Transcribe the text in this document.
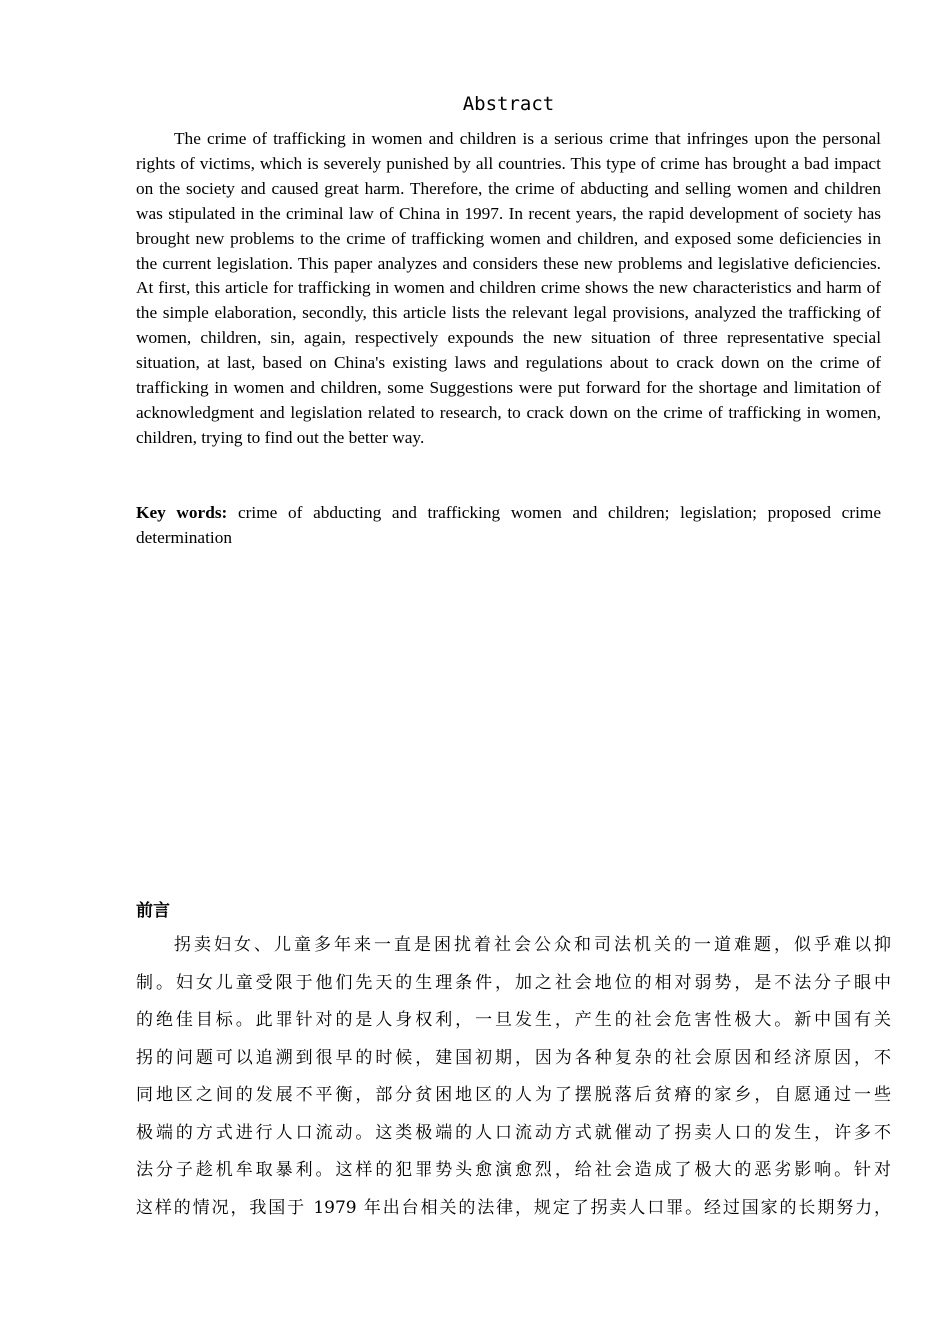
Abstract

The crime of trafficking in women and children is a serious crime that infringes upon the personal rights of victims, which is severely punished by all countries. This type of crime has brought a bad impact on the society and caused great harm. Therefore, the crime of abducting and selling women and children was stipulated in the criminal law of China in 1997. In recent years, the rapid development of society has brought new problems to the crime of trafficking women and children, and exposed some deficiencies in the current legislation. This paper analyzes and considers these new problems and legislative deficiencies. At first, this article for trafficking in women and children crime shows the new characteristics and harm of the simple elaboration, secondly, this article lists the relevant legal provisions, analyzed the trafficking of women, children, sin, again, respectively expounds the new situation of three representative special situation, at last, based on China's existing laws and regulations about to crack down on the crime of trafficking in women and children, some Suggestions were put forward for the shortage and limitation of acknowledgment and legislation related to research, to crack down on the crime of trafficking in women, children, trying to find out the better way.

Key words: crime of abducting and trafficking women and children; legislation; proposed crime determination

前言
拐卖妇女、儿童多年来一直是困扰着社会公众和司法机关的一道难题，似乎难以抑
制。妇女儿童受限于他们先天的生理条件，加之社会地位的相对弱势，是不法分子眼中
的绝佳目标。此罪针对的是人身权利，一旦发生，产生的社会危害性极大。新中国有关
拐的问题可以追溯到很早的时候，建国初期，因为各种复杂的社会原因和经济原因，不
同地区之间的发展不平衡，部分贫困地区的人为了摆脱落后贫瘠的家乡，自愿通过一些
极端的方式进行人口流动。这类极端的人口流动方式就催动了拐卖人口的发生，许多不
法分子趁机牟取暴利。这样的犯罪势头愈演愈烈，给社会造成了极大的恶劣影响。针对
这样的情况，我国于 1979 年出台相关的法律，规定了拐卖人口罪。经过国家的长期努力，
